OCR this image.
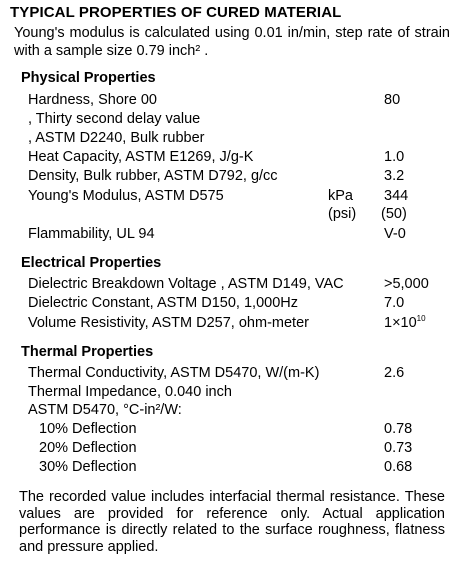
TYPICAL PROPERTIES OF CURED MATERIAL
Young's modulus is calculated using 0.01 in/min, step rate of strain with a sample size 0.79 inch² .
Physical Properties
Hardness, Shore 00	80
, Thirty second delay value
, ASTM D2240, Bulk rubber
Heat Capacity, ASTM E1269, J/g-K	1.0
Density, Bulk rubber, ASTM D792, g/cc	3.2
Young's Modulus, ASTM D575	kPa 344
(psi) (50)
Flammability, UL 94	V-0
Electrical Properties
Dielectric Breakdown Voltage , ASTM D149, VAC	>5,000
Dielectric Constant, ASTM D150, 1,000Hz	7.0
Volume Resistivity, ASTM D257, ohm-meter	$1\times 10^{10}$
Thermal Properties
Thermal Conductivity, ASTM D5470, W/(m-K)	2.6
Thermal Impedance, 0.040 inch
ASTM D5470, °C-in²/W:
10% Deflection	0.78
20% Deflection	0.73
30% Deflection	0.68
The recorded value includes interfacial thermal resistance. These values are provided for reference only. Actual application performance is directly related to the surface roughness, flatness and pressure applied.
